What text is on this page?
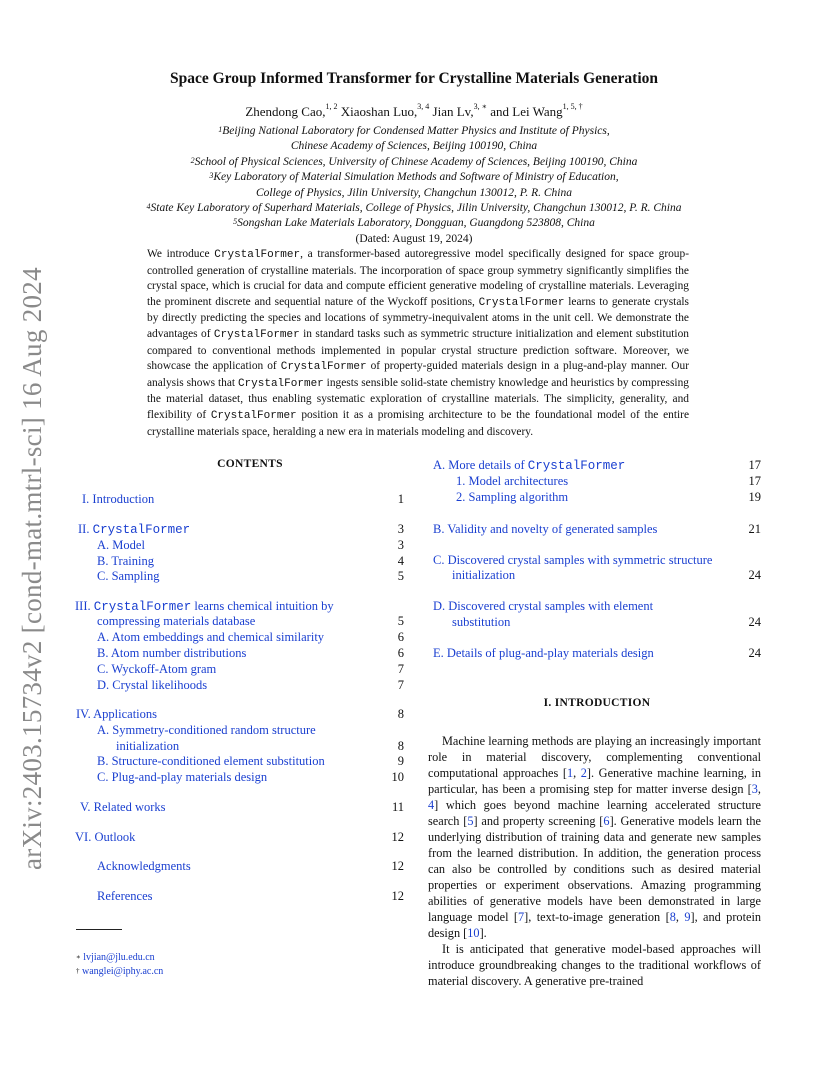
arXiv:2403.15734v2 [cond-mat.mtrl-sci] 16 Aug 2024
Space Group Informed Transformer for Crystalline Materials Generation
Zhendong Cao,$^{1, 2}$ Xiaoshan Luo,$^{3, 4}$ Jian Lv,$^{3, ∗}$ and Lei Wang$^{1, 5, \dagger}$
$^1$Beijing National Laboratory for Condensed Matter Physics and Institute of Physics,
Chinese Academy of Sciences, Beijing 100190, China
$^2$School of Physical Sciences, University of Chinese Academy of Sciences, Beijing 100190, China
$^3$Key Laboratory of Material Simulation Methods and Software of Ministry of Education,
College of Physics, Jilin University, Changchun 130012, P. R. China
$^4$State Key Laboratory of Superhard Materials, College of Physics, Jilin University, Changchun 130012, P. R. China
$^5$Songshan Lake Materials Laboratory, Dongguan, Guangdong 523808, China
(Dated: August 19, 2024)
We introduce CrystalFormer, a transformer-based autoregressive model specifically designed for space group-controlled generation of crystalline materials. The incorporation of space group symmetry significantly simplifies the crystal space, which is crucial for data and compute efficient generative modeling of crystalline materials. Leveraging the prominent discrete and sequential nature of the Wyckoff positions, CrystalFormer learns to generate crystals by directly predicting the species and locations of symmetry-inequivalent atoms in the unit cell. We demonstrate the advantages of CrystalFormer in standard tasks such as symmetric structure initialization and element substitution compared to conventional methods implemented in popular crystal structure prediction software. Moreover, we showcase the application of CrystalFormer of property-guided materials design in a plug-and-play manner. Our analysis shows that CrystalFormer ingests sensible solid-state chemistry knowledge and heuristics by compressing the material dataset, thus enabling systematic exploration of crystalline materials. The simplicity, generality, and flexibility of CrystalFormer position it as a promising architecture to be the foundational model of the entire crystalline materials space, heralding a new era in materials modeling and discovery.
CONTENTS
I. Introduction	1
II. CrystalFormer	3
A. Model	3
B. Training	4
C. Sampling	5
III. CrystalFormer learns chemical intuition by
compressing materials database	5
A. Atom embeddings and chemical similarity	6
B. Atom number distributions	6
C. Wyckoff-Atom gram	7
D. Crystal likelihoods	7
IV. Applications	8
A. Symmetry-conditioned random structure
initialization	8
B. Structure-conditioned element substitution	9
C. Plug-and-play materials design	10
V. Related works	11
VI. Outlook	12
Acknowledgments	12
References	12
A. More details of CrystalFormer	17
1. Model architectures	17
2. Sampling algorithm	19
B. Validity and novelty of generated samples	21
C. Discovered crystal samples with symmetric structure
initialization	24
D. Discovered crystal samples with element
substitution	24
E. Details of plug-and-play materials design	24
I. INTRODUCTION

Machine learning methods are playing an increasingly important role in material discovery, complementing conventional computational approaches [1, 2]. Generative machine learning, in particular, has been a promising step for matter inverse design [3, 4] which goes beyond machine learning accelerated structure search [5] and property screening [6]. Generative models learn the underlying distribution of training data and generate new samples from the learned distribution. In addition, the generation process can also be controlled by conditions such as desired material properties or experiment observations. Amazing programming abilities of generative models have been demonstrated in large language model [7], text-to-image generation [8, 9], and protein design [10].

It is anticipated that generative model-based approaches will introduce groundbreaking changes to the traditional workflows of material discovery. A generative pre-trained

∗ lvjian@jlu.edu.cn
† wanglei@iphy.ac.cn
